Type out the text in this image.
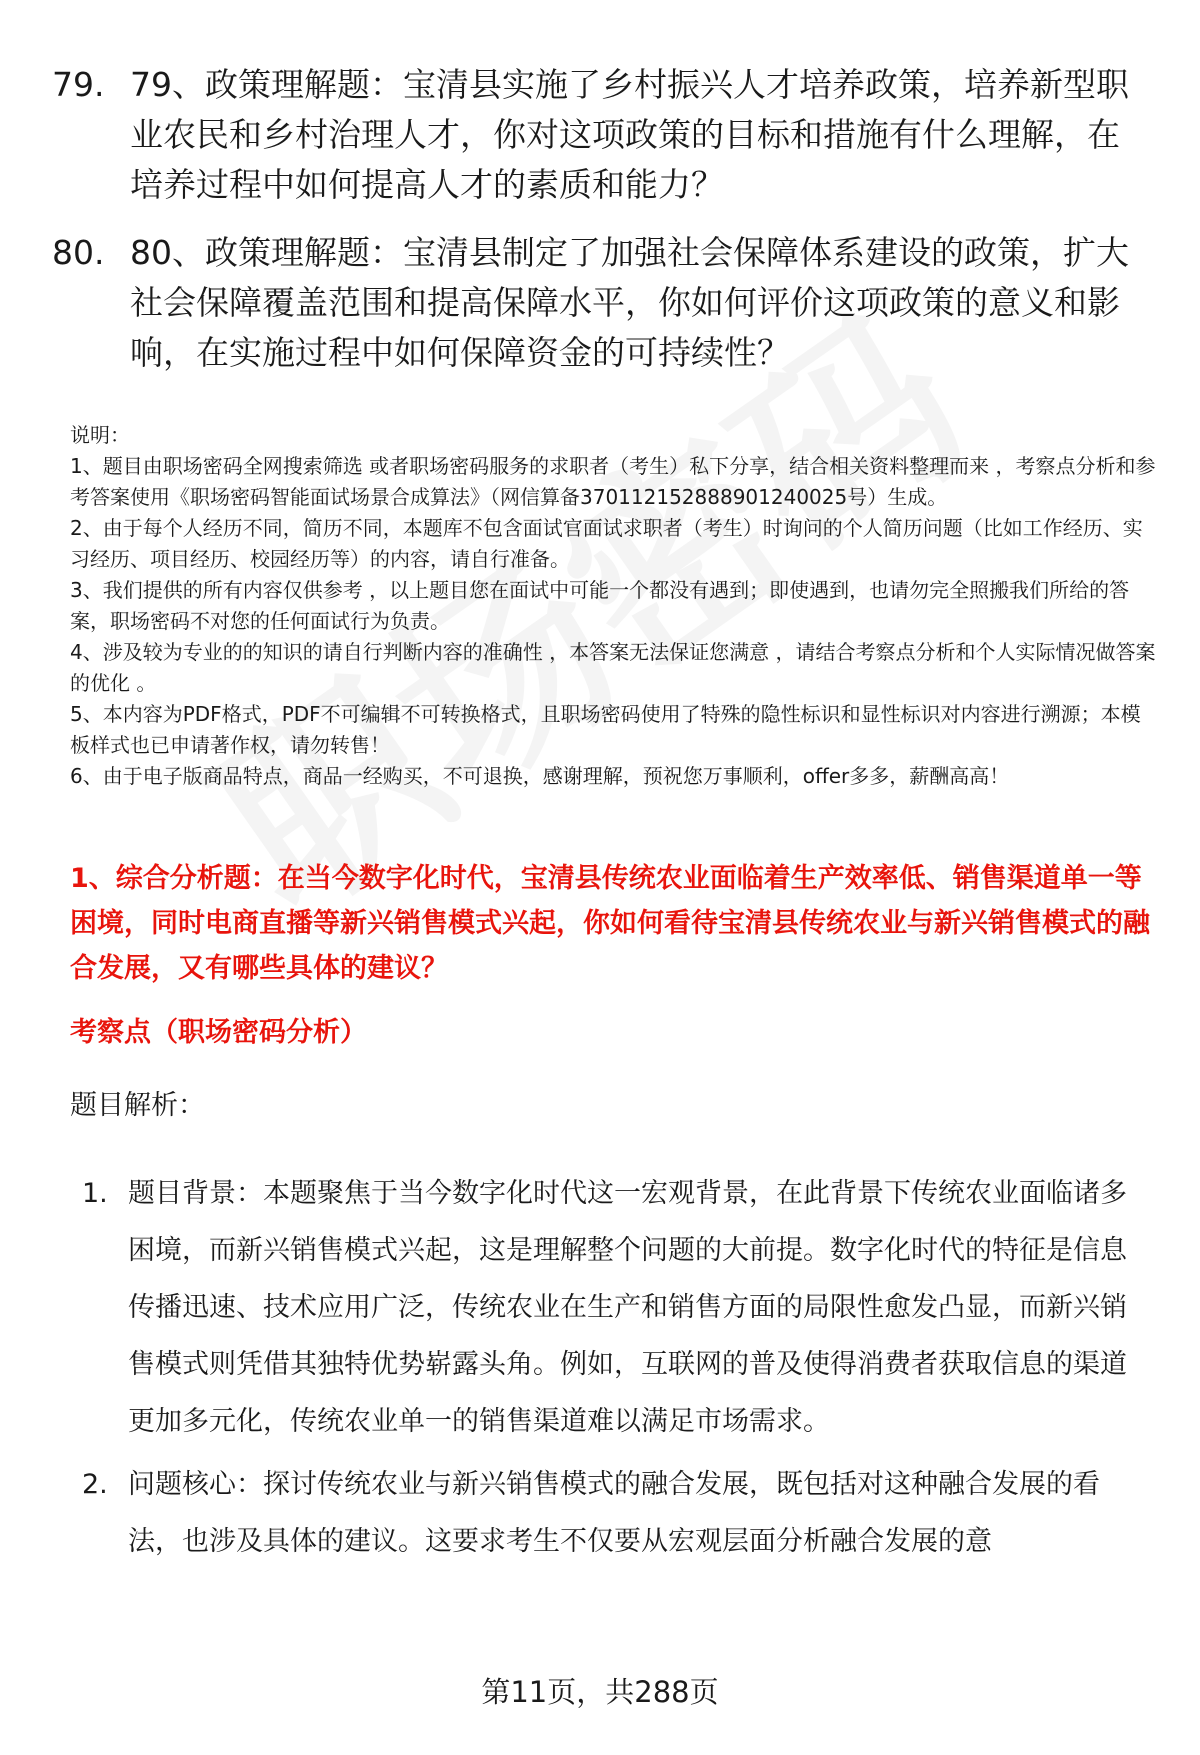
79. 79、政策理解题：宝清县实施了乡村振兴人才培养政策，培养新型职业农民和乡村治理人才，你对这项政策的目标和措施有什么理解，在培养过程中如何提高人才的素质和能力？
80. 80、政策理解题：宝清县制定了加强社会保障体系建设的政策，扩大社会保障覆盖范围和提高保障水平，你如何评价这项政策的意义和影响，在实施过程中如何保障资金的可持续性？

说明：

1、题目由职场密码全网搜索筛选 或者职场密码服务的求职者（考生）私下分享，结合相关资料整理而来 ，考察点分析和参考答案使用《职场密码智能面试场景合成算法》（网信算备370112152888901240025号）生成。

2、由于每个人经历不同，简历不同，本题库不包含面试官面试求职者（考生）时询问的个人简历问题（比如工作经历、实习经历、项目经历、校园经历等）的内容，请自行准备。

3、我们提供的所有内容仅供参考 ，以上题目您在面试中可能一个都没有遇到；即使遇到，也请勿完全照搬我们所给的答案，职场密码不对您的任何面试行为负责。

4、涉及较为专业的的知识的请自行判断内容的准确性 ，本答案无法保证您满意 ，请结合考察点分析和个人实际情况做答案的优化 。

5、本内容为PDF格式，PDF不可编辑不可转换格式，且职场密码使用了特殊的隐性标识和显性标识对内容进行溯源；本模板样式也已申请著作权，请勿转售！

6、由于电子版商品特点，商品一经购买，不可退换，感谢理解，预祝您万事顺利，offer多多，薪酬高高！

1、综合分析题：在当今数字化时代，宝清县传统农业面临着生产效率低、销售渠道单一等困境，同时电商直播等新兴销售模式兴起，你如何看待宝清县传统农业与新兴销售模式的融合发展，又有哪些具体的建议？
考察点（职场密码分析）
题目解析：
1. 题目背景：本题聚焦于当今数字化时代这一宏观背景，在此背景下传统农业面临诸多困境，而新兴销售模式兴起，这是理解整个问题的大前提。数字化时代的特征是信息传播迅速、技术应用广泛，传统农业在生产和销售方面的局限性愈发凸显，而新兴销售模式则凭借其独特优势崭露头角。例如，互联网的普及使得消费者获取信息的渠道更加多元化，传统农业单一的销售渠道难以满足市场需求。
2. 问题核心：探讨传统农业与新兴销售模式的融合发展，既包括对这种融合发展的看法，也涉及具体的建议。这要求考生不仅要从宏观层面分析融合发展的意
第11页，共288页
